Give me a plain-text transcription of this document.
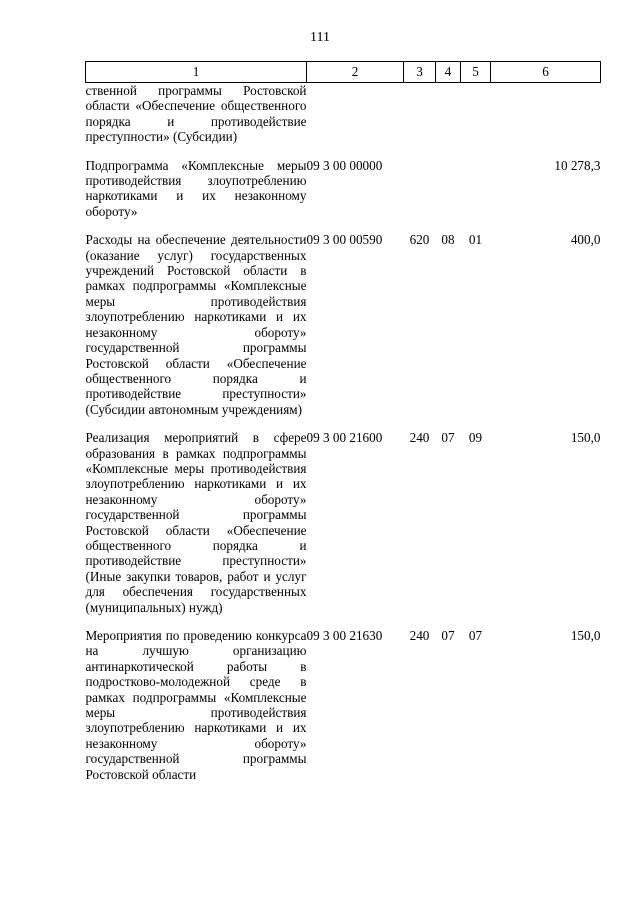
111
1	2	3	4	5	6
ственной программы Ростовской области «Обеспечение общественного порядка и противодействие преступности» (Субсидии)					
Подпрограмма «Комплексные меры противодействия злоупотреблению наркотиками и их незаконному обороту»	09 3 00 00000				10 278,3
Расходы на обеспечение деятельности (оказание услуг) государственных учреждений Ростовской области в рамках подпрограммы «Комплексные меры противодействия злоупотреблению наркотиками и их незаконному обороту» государственной программы Ростовской области «Обеспечение общественного порядка и противодействие преступности» (Субсидии автономным учреждениям)	09 3 00 00590	620	08	01	400,0
Реализация мероприятий в сфере образования в рамках подпрограммы «Комплексные меры противодействия злоупотреблению наркотиками и их незаконному обороту» государственной программы Ростовской области «Обеспечение общественного порядка и противодействие преступности» (Иные закупки товаров, работ и услуг для обеспечения государственных (муниципальных) нужд)	09 3 00 21600	240	07	09	150,0
Мероприятия по проведению конкурса на лучшую организацию антинаркотической работы в подростково-молодежной среде в рамках подпрограммы «Комплексные меры противодействия злоупотреблению наркотиками и их незаконному обороту» государственной программы Ростовской области	09 3 00 21630	240	07	07	150,0
